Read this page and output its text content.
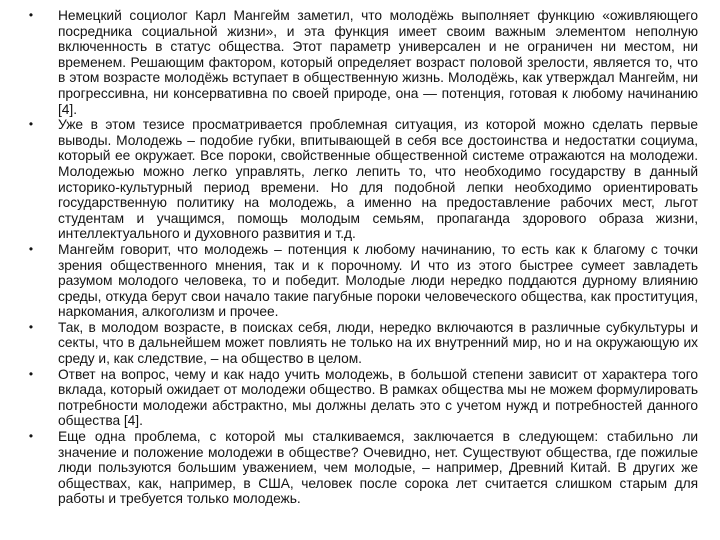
• Немецкий социолог Карл Мангейм заметил, что молодёжь выполняет функцию «оживляющего посредника социальной жизни», и эта функция имеет своим важным элементом неполную включенность в статус общества. Этот параметр универсален и не ограничен ни местом, ни временем. Решающим фактором, который определяет возраст половой зрелости, является то, что в этом возрасте молодёжь вступает в общественную жизнь. Молодёжь, как утверждал Мангейм, ни прогрессивна, ни консервативна по своей природе, она — потенция, готовая к любому начинанию [4].
• Уже в этом тезисе просматривается проблемная ситуация, из которой можно сделать первые выводы. Молодежь – подобие губки, впитывающей в себя все достоинства и недостатки социума, который ее окружает. Все пороки, свойственные общественной системе отражаются на молодежи. Молодежью можно легко управлять, легко лепить то, что необходимо государству в данный историко-культурный период времени. Но для подобной лепки необходимо ориентировать государственную политику на молодежь, а именно на предоставление рабочих мест, льгот студентам и учащимся, помощь молодым семьям, пропаганда здорового образа жизни, интеллектуального и духовного развития и т.д.
• Мангейм говорит, что молодежь – потенция к любому начинанию, то есть как к благому с точки зрения общественного мнения, так и к порочному. И что из этого быстрее сумеет завладеть разумом молодого человека, то и победит. Молодые люди нередко поддаются дурному влиянию среды, откуда берут свои начало такие пагубные пороки человеческого общества, как проституция, наркомания, алкоголизм и прочее.
• Так, в молодом возрасте, в поисках себя, люди, нередко включаются в различные субкультуры и секты, что в дальнейшем может повлиять не только на их внутренний мир, но и на окружающую их среду и, как следствие, – на общество в целом.
• Ответ на вопрос, чему и как надо учить молодежь, в большой степени зависит от характера того вклада, который ожидает от молодежи общество. В рамках общества мы не можем формулировать потребности молодежи абстрактно, мы должны делать это с учетом нужд и потребностей данного общества [4].
• Еще одна проблема, с которой мы сталкиваемся, заключается в следующем: стабильно ли значение и положение молодежи в обществе? Очевидно, нет. Существуют общества, где пожилые люди пользуются большим уважением, чем молодые, – например, Древний Китай. В других же обществах, как, например, в США, человек после сорока лет считается слишком старым для работы и требуется только молодежь.
